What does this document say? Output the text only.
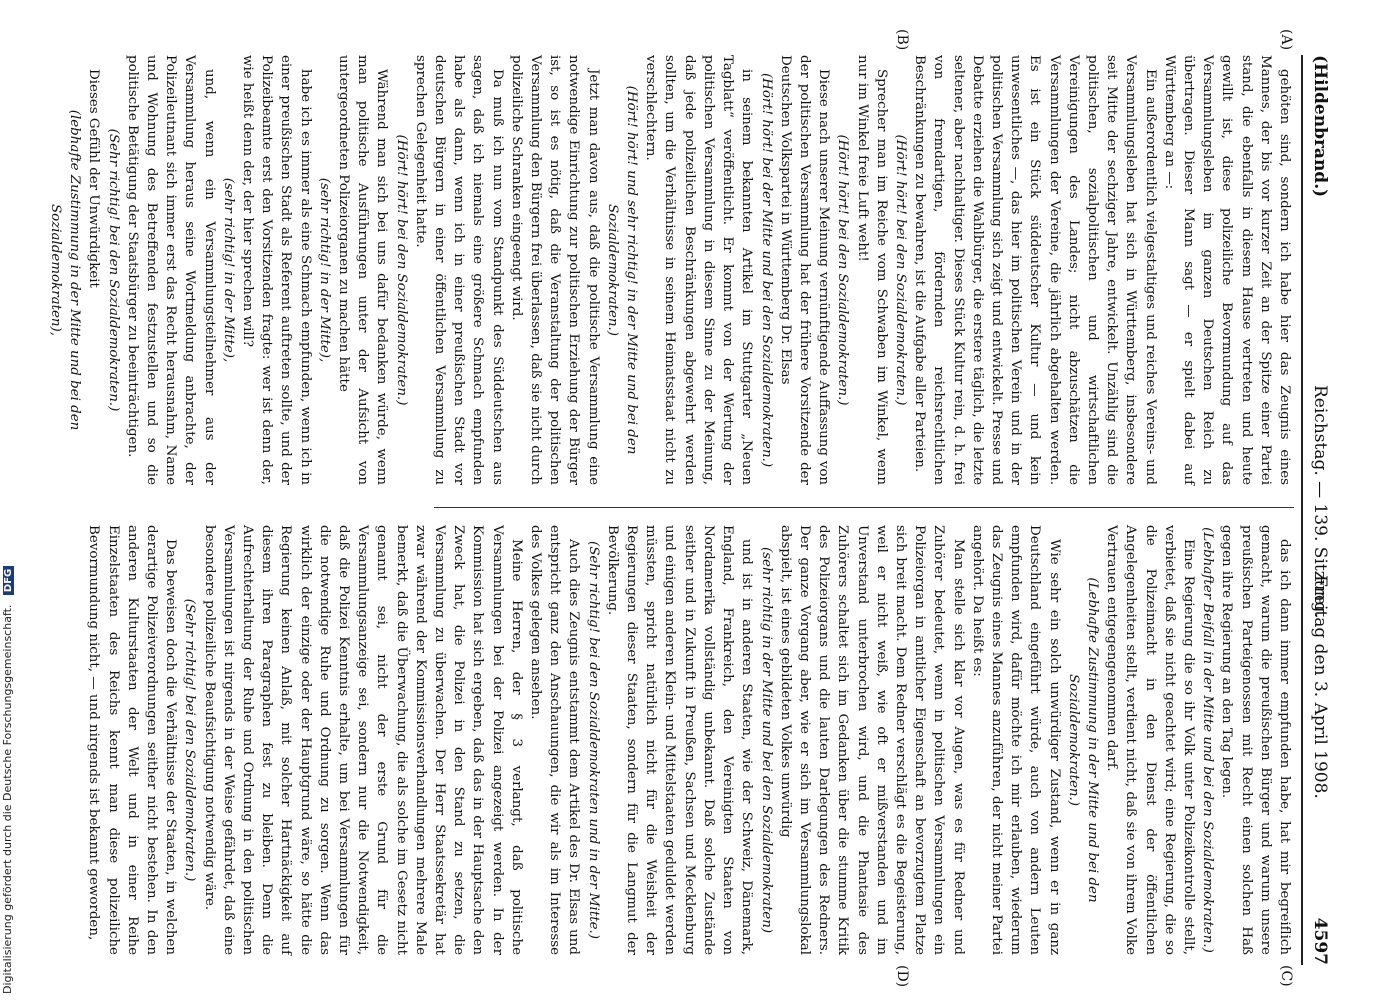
(Hildenbrand.)
Reichstag. — 139. Sitzung.
Freitag den 3. April 1908.
4597
(A)
(B)
(C)
(D)

gehöten sind, sondern ich habe hier das Zeugnis eines Mannes, der bis vor kurzer Zeit an der Spitze einer Partei stand, die ebenfalls in diesem Hause vertreten und heute gewillt ist, diese polizeiliche Bevormundung auf das Versammlungsleben im ganzen Deutschen Reich zu übertragen. Dieser Mann sagt — er spielt dabei auf Württemberg an —:

Ein außerordentlich vielgestaltiges und reiches Vereins- und Versammlungsleben hat sich in Württemberg, insbesondere seit Mitte der sechziger Jahre, entwickelt. Unzählig sind die politischen, sozialpolitischen und wirtschaftlichen Vereinigungen des Landes; nicht abzuschätzen die Versammlungen der Vereine, die jährlich abgehalten werden. Es ist ein Stück süddeutscher Kultur — und kein unwesentliches —, das hier im politischen Verein und in der politischen Versammlung sich zeigt und entwickelt. Presse und Debatte erziehen die Wahlbürger, die erstere täglich, die letzte seltener, aber nachhaltiger. Dieses Stück Kultur rein, d. h. frei von fremdartigen, fördernden reichsrechtlichen Beschränkungen zu bewahren, ist die Aufgabe aller Parteien.

(Hört! hört! bei den Sozialdemokraten.)

Sprecher man im Reiche vom Schwaben im Winkel, wenn nur im Winkel freie Luft weht!

(Hört! hört! bei den Sozialdemokraten.)

Diese nach unserer Meinung vernünftigende Auffassung von der politischen Versammlung hat der frühere Vorsitzende der Deutschen Volkspartei in Württemberg Dr. Elsas

(Hört! hört! bei der Mitte und bei den Sozialdemokraten.)

in seinem bekannten Artikel im Stuttgarter „Neuen Tagblatt“ veröffentlicht. Er kommt von der Wertung der politischen Versammlung in diesem Sinne zu der Meinung, daß jede polizeilichen Beschränkungen abgewehrt werden sollten, um die Verhältnisse in seinem Heimatsstaat nicht zu verschlechtern.

(Hört! hört! und sehr richtig! in der Mitte und bei den Sozialdemokraten.)

Jetzt man davon aus, daß die politische Versammlung eine notwendige Einrichtung zur politischen Erziehung der Bürger ist, so ist es nötig, daß die Veranstaltung der politischen Versammlung den Bürgern frei überlassen, daß sie nicht durch polizeiliche Schranken eingeengt wird.

Da muß ich nun vom Standpunkt des Süddeutschen aus sagen, daß ich niemals eine größere Schmach empfunden habe als dann, wenn ich in einer preußischen Stadt vor deutschen Bürgern in einer öffentlichen Versammlung zu sprechen Gelegenheit hatte.

(Hört! hört! bei den Sozialdemokraten.)

Während man sich bei uns dafür bedanken würde, wenn man politische Ausführungen unter der Aufsicht von untergeordneten Polizeiorganen zu machen hätte

(sehr richtig! in der Mitte),

habe ich es immer als eine Schmach empfunden, wenn ich in einer preußischen Stadt als Referent auftreten sollte, und der Polizeibeamte erst den Vorsitzenden fragte: wer ist denn der, wie heißt denn der, der hier sprechen will?

(sehr richtig! in der Mitte),

und, wenn ein Versammlungsteilnehmer aus der Versammlung heraus seine Wortmeldung anbrachte, der Polizeileutnant sich immer erst das Recht herausnahm, Name und Wohnung des Betreffenden festzustellen und so die politische Betätigung der Staatsbürger zu beeinträchtigen.

(Sehr richtig! bei den Sozialdemokraten.)

Dieses Gefühl der Unwürdigkeit

(lebhafte Zustimmung in der Mitte und bei den Sozialdemokraten),

das ich dann immer empfunden habe, hat mir begreiflich gemacht, warum die preußischen Bürger und warum unsere preußischen Parteigenossen mit Recht einen solchen Haß gegen ihre Regierung an den Tag legen.

(Lebhafter Beifall in der Mitte und bei den Sozialdemokraten.)

Eine Regierung die so ihr Volk unter Polizeikontrolle stellt, verbietet, daß sie nicht geachtet wird; eine Regierung, die so die Polizeimacht in den Dienst der öffentlichen Angelegenheiten stellt, verdient nicht, daß sie von ihrem Volke Vertrauen entgegengenommen darf.

(Lebhafte Zustimmung in der Mitte und bei den Sozialdemokraten.)

Wie sehr ein solch unwürdiger Zustand, wenn er in ganz Deutschland eingeführt würde, auch von andern Leuten empfunden wird, dafür möchte ich mir erlauben, wiederum das Zeugnis eines Mannes anzuführen, der nicht meiner Partei angehört. Da heißt es:

Man stelle sich klar vor Augen, was es für Redner und Zuhörer bedeutet, wenn in politischen Versammlungen ein Polizeiorgan in amtlicher Eigenschaft an bevorzugtem Platze sich breit macht. Dem Redner verschlägt es die Begeisterung, weil er nicht weiß, wie oft er mißverstanden und im Unverstand unterbrochen wird, und die Phantasie des Zuhörers schaltet sich im Gedanken über die stumme Kritik des Polizeiorgans und die lauten Darlegungen des Redners. Der ganze Vorgang aber, wie er sich im Versammlungslokal abspielt, ist eines gebildeten Volkes unwürdig

(sehr richtig in der Mitte und bei den Sozialdemokraten)

und ist in anderen Staaten, wie der Schweiz, Dänemark, England, Frankreich, den Vereinigten Staaten von Nordamerika vollständig unbekannt. Daß solche Zustände seither und in Zukunft in Preußen, Sachsen und Mecklenburg und einigen anderen Klein- und Mittelstaaten geduldet werden müssten, spricht natürlich nicht für die Weisheit der Regierungen dieser Staaten, sondern für die Langmut der Bevölkerung.

(Sehr richtig! bei den Sozialdemokraten und in der Mitte.)

Auch dies Zeugnis entstammt dem Artikel des Dr. Elsas und entspricht ganz den Anschauungen, die wir als im Interesse des Volkes gelegen ansehen.

Meine Herren, der § 3 verlangt, daß politische Versammlungen bei der Polizei angezeigt werden. In der Kommission hat sich ergeben, daß das in der Hauptsache den Zweck hat, die Polizei in den Stand zu setzen, die Versammlung zu überwachen. Der Herr Staatssekretär hat zwar während der Kommissionsverhandlungen mehrere Male bemerkt, daß die Überwachung, die als solche im Gesetz nicht genannt sei, nicht der erste Grund für die Versammlungsanzeige sei, sondern nur die Notwendigkeit, daß die Polizei Kenntnis erhalte, um bei Versammlungen für die notwendige Ruhe und Ordnung zu sorgen. Wenn das wirklich der einzige oder der Hauptgrund wäre, so hätte die Regierung keinen Anlaß, mit solcher Hartnäckigkeit auf diesem ihren Paragraphen fest zu bleiben. Denn die Aufrechterhaltung der Ruhe und Ordnung in den politischen Versammlungen ist nirgends in der Weise gefährdet, daß eine besondere polizeiliche Beaufsichtigung notwendig wäre.

(Sehr richtig! bei den Sozialdemokraten.)

Das beweisen doch die Verhältnisse der Staaten, in welchen derartige Polizeiverordnungen seither nicht bestehen. In den anderen Kulturstaaten der Welt und in einer Reihe Einzelstaaten des Reichs kennt man diese polizeiliche Bevormundung nicht, — und nirgends ist bekannt geworden,

Digitalisierung gefördert durch die Deutsche Forschungsgemeinschaft. DFG
